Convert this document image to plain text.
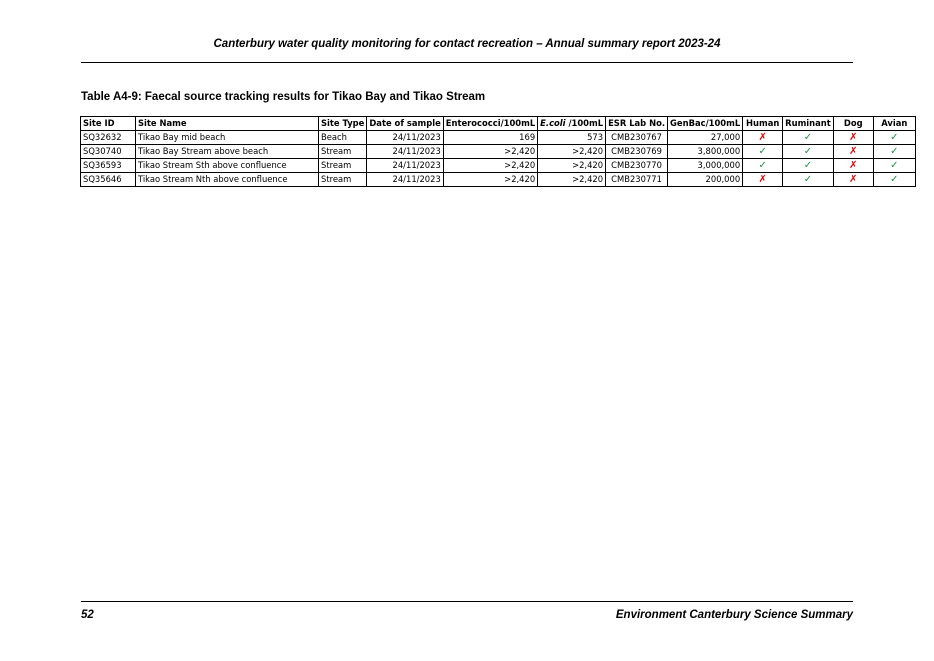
Canterbury water quality monitoring for contact recreation – Annual summary report 2023-24
Table A4-9: Faecal source tracking results for Tikao Bay and Tikao Stream
Site ID	Site Name	Site Type	Date of sample	Enterococci/100mL	E.coli /100mL	ESR Lab No.	GenBac/100mL	Human	Ruminant	Dog	Avian
SQ32632	Tikao Bay mid beach	Beach	24/11/2023	169	573	CMB230767	27,000	✗	✓	✗	✓
SQ30740	Tikao Bay Stream above beach	Stream	24/11/2023	>2,420	>2,420	CMB230769	3,800,000	✓	✓	✗	✓
SQ36593	Tikao Stream Sth above confluence	Stream	24/11/2023	>2,420	>2,420	CMB230770	3,000,000	✓	✓	✗	✓
SQ35646	Tikao Stream Nth above confluence	Stream	24/11/2023	>2,420	>2,420	CMB230771	200,000	✗	✓	✗	✓
52	Environment Canterbury Science Summary
